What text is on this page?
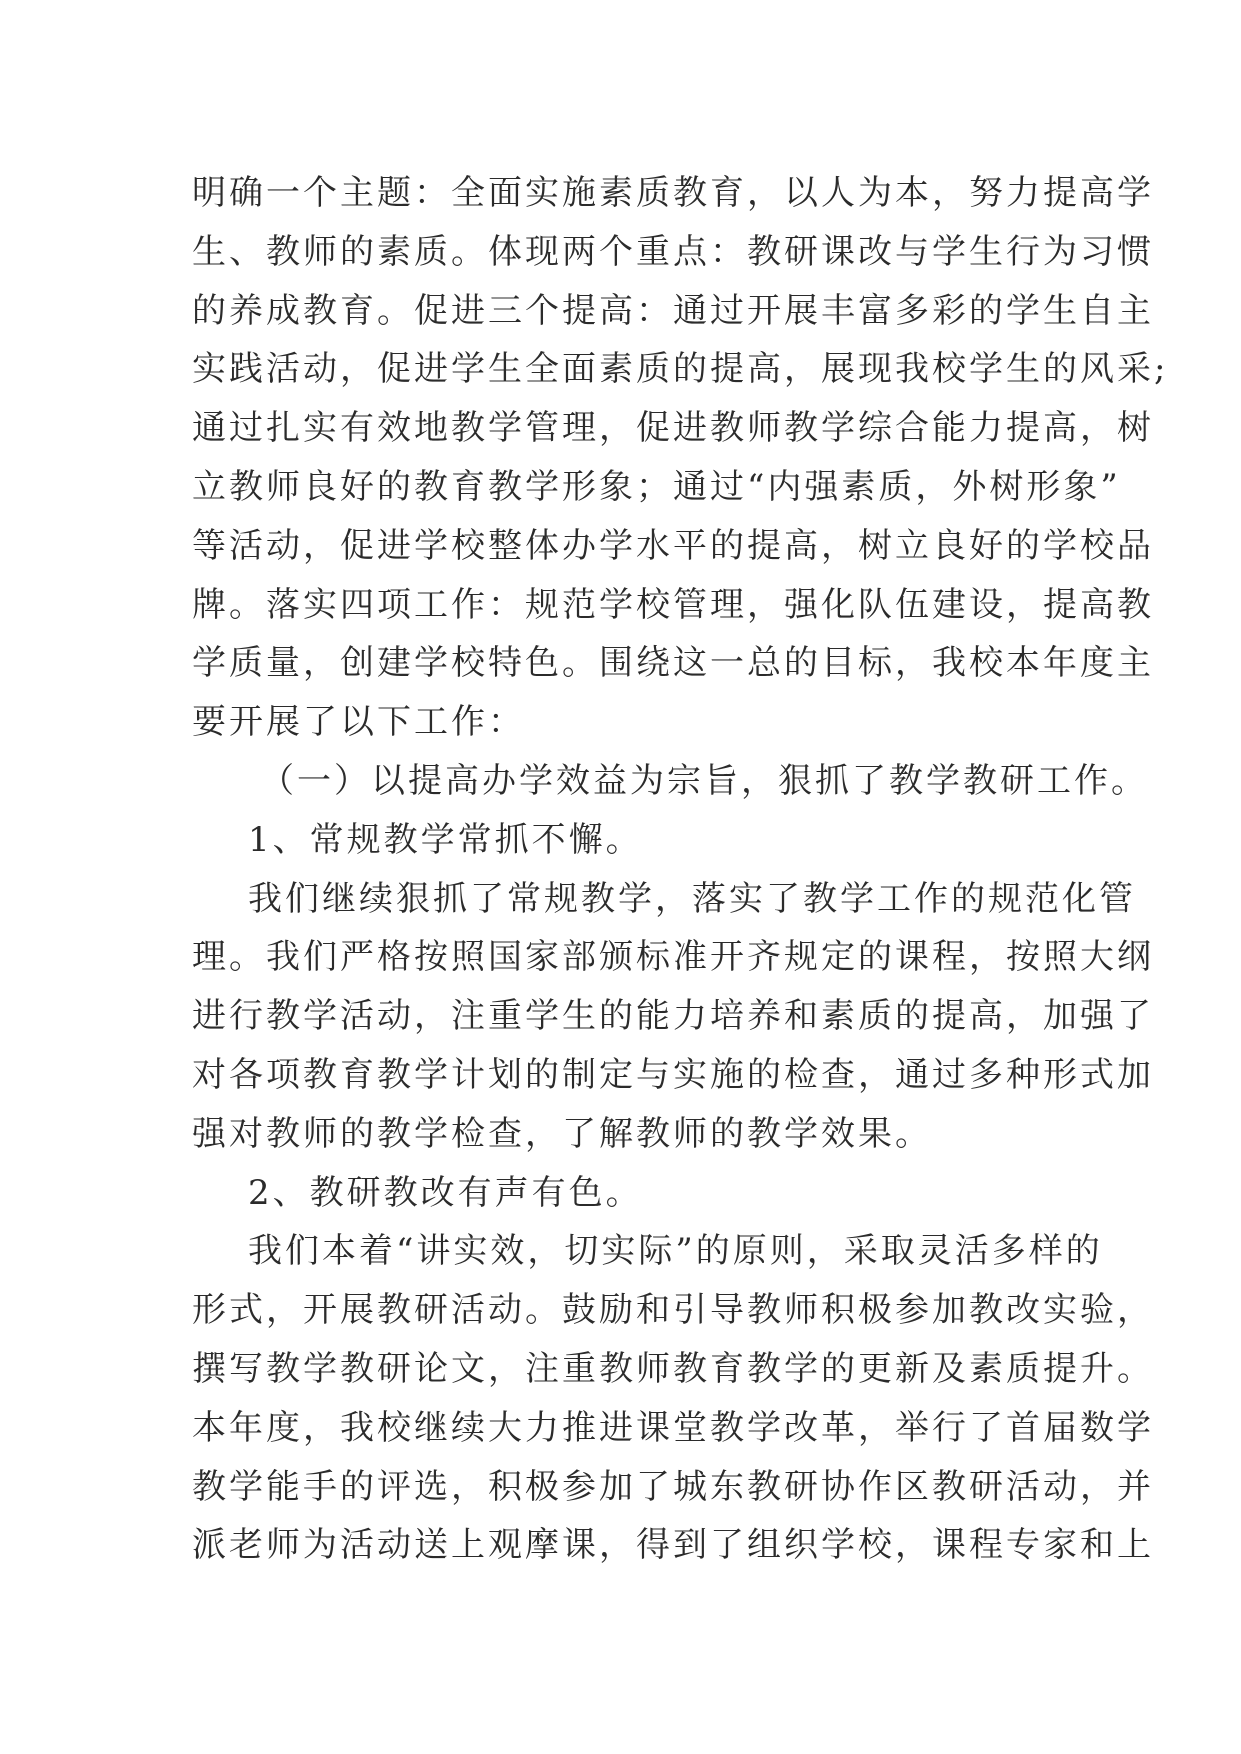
明确一个主题：全面实施素质教育，以人为本，努力提高学
生、教师的素质。体现两个重点：教研课改与学生行为习惯
的养成教育。促进三个提高：通过开展丰富多彩的学生自主
实践活动，促进学生全面素质的提高，展现我校学生的风采;
通过扎实有效地教学管理，促进教师教学综合能力提高，树
立教师良好的教育教学形象；通过“内强素质，外树形象”
等活动，促进学校整体办学水平的提高，树立良好的学校品
牌。落实四项工作：规范学校管理，强化队伍建设，提高教
学质量，创建学校特色。围绕这一总的目标，我校本年度主
要开展了以下工作：
（一）以提高办学效益为宗旨，狠抓了教学教研工作。
1、常规教学常抓不懈。
我们继续狠抓了常规教学，落实了教学工作的规范化管
理。我们严格按照国家部颁标准开齐规定的课程，按照大纲
进行教学活动，注重学生的能力培养和素质的提高，加强了
对各项教育教学计划的制定与实施的检查，通过多种形式加
强对教师的教学检查，了解教师的教学效果。
2、教研教改有声有色。
我们本着“讲实效，切实际”的原则，采取灵活多样的
形式，开展教研活动。鼓励和引导教师积极参加教改实验，
撰写教学教研论文，注重教师教育教学的更新及素质提升。
本年度，我校继续大力推进课堂教学改革，举行了首届数学
教学能手的评选，积极参加了城东教研协作区教研活动，并
派老师为活动送上观摩课，得到了组织学校，课程专家和上
